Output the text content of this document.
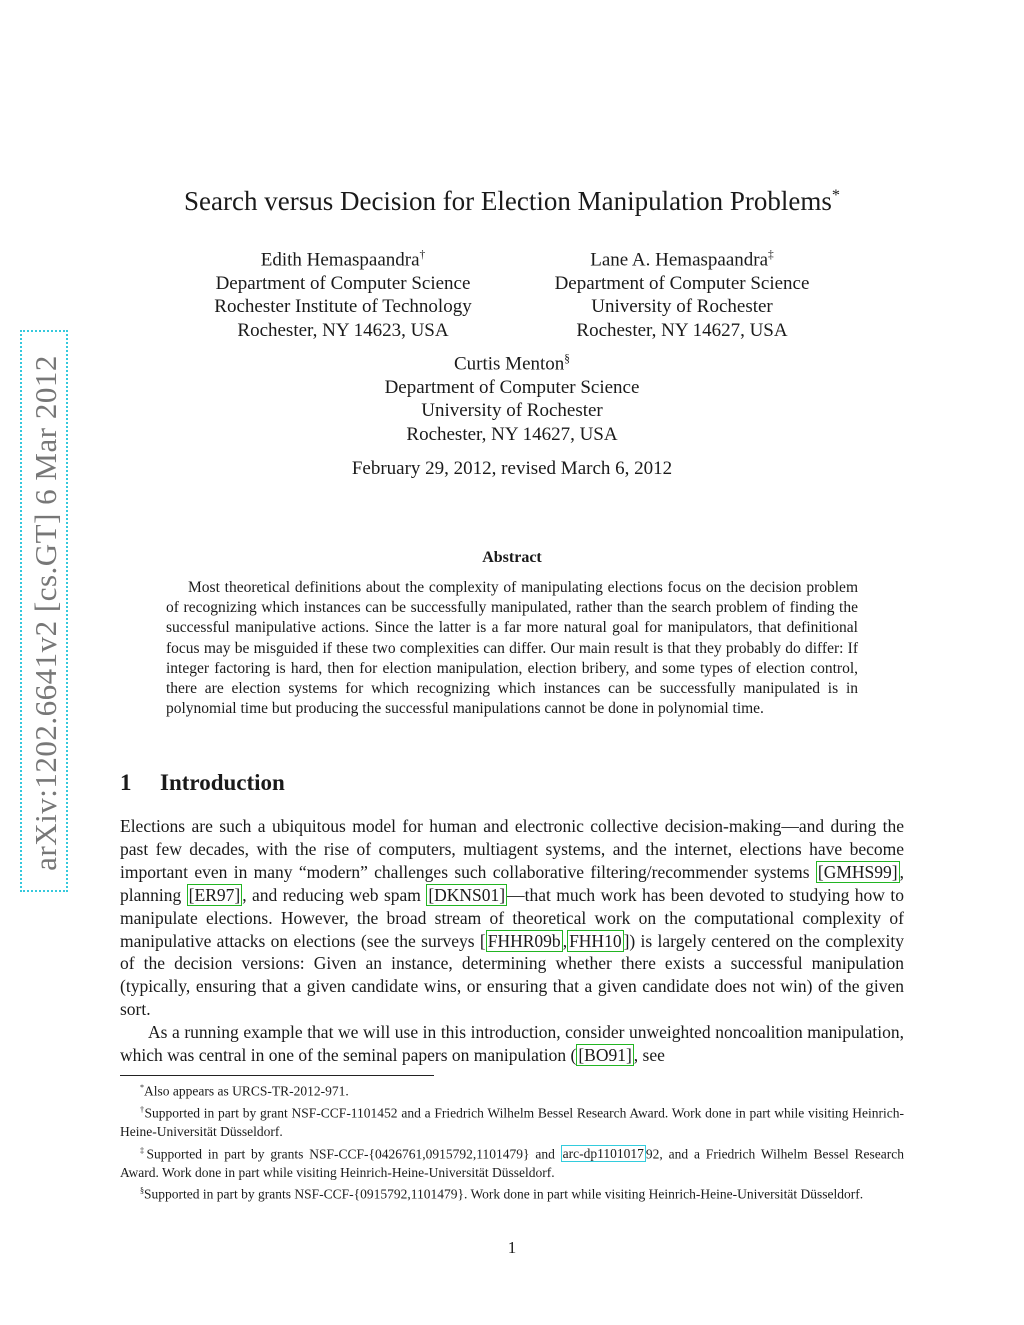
arXiv:1202.6641v2 [cs.GT] 6 Mar 2012
Search versus Decision for Election Manipulation Problems*
Edith Hemaspaandra†
Department of Computer Science
Rochester Institute of Technology
Rochester, NY 14623, USA
Lane A. Hemaspaandra‡
Department of Computer Science
University of Rochester
Rochester, NY 14627, USA
Curtis Menton§
Department of Computer Science
University of Rochester
Rochester, NY 14627, USA
February 29, 2012, revised March 6, 2012
Abstract
Most theoretical definitions about the complexity of manipulating elections focus on the decision problem of recognizing which instances can be successfully manipulated, rather than the search problem of finding the successful manipulative actions. Since the latter is a far more natural goal for manipulators, that definitional focus may be misguided if these two complexities can differ. Our main result is that they probably do differ: If integer factoring is hard, then for election manipulation, election bribery, and some types of election control, there are election systems for which recognizing which instances can be successfully manipulated is in polynomial time but producing the successful manipulations cannot be done in polynomial time.
1 Introduction

Elections are such a ubiquitous model for human and electronic collective decision-making—and during the past few decades, with the rise of computers, multiagent systems, and the internet, elections have become important even in many “modern” challenges such collaborative filtering/recommender systems [GMHS99] , planning [ER97] , and reducing web spam [DKNS01] —that much work has been devoted to studying how to manipulate elections. However, the broad stream of theoretical work on the computational complexity of manipulative attacks on elections (see the surveys [ FHHR09b , FHH10 ]) is largely centered on the complexity of the decision versions: Given an instance, determining whether there exists a successful manipulation (typically, ensuring that a given candidate wins, or ensuring that a given candidate does not win) of the given sort.

As a running example that we will use in this introduction, consider unweighted noncoalition manipulation, which was central in one of the seminal papers on manipulation ( [BO91] , see

*Also appears as URCS-TR-2012-971.

†Supported in part by grant NSF-CCF-1101452 and a Friedrich Wilhelm Bessel Research Award. Work done in part while visiting Heinrich-Heine-Universität Düsseldorf.

‡Supported in part by grants NSF-CCF-{0426761,0915792,1101479} and arc-dp1101017 92, and a Friedrich Wilhelm Bessel Research Award. Work done in part while visiting Heinrich-Heine-Universität Düsseldorf.

§Supported in part by grants NSF-CCF-{0915792,1101479}. Work done in part while visiting Heinrich-Heine-Universität Düsseldorf.

1
